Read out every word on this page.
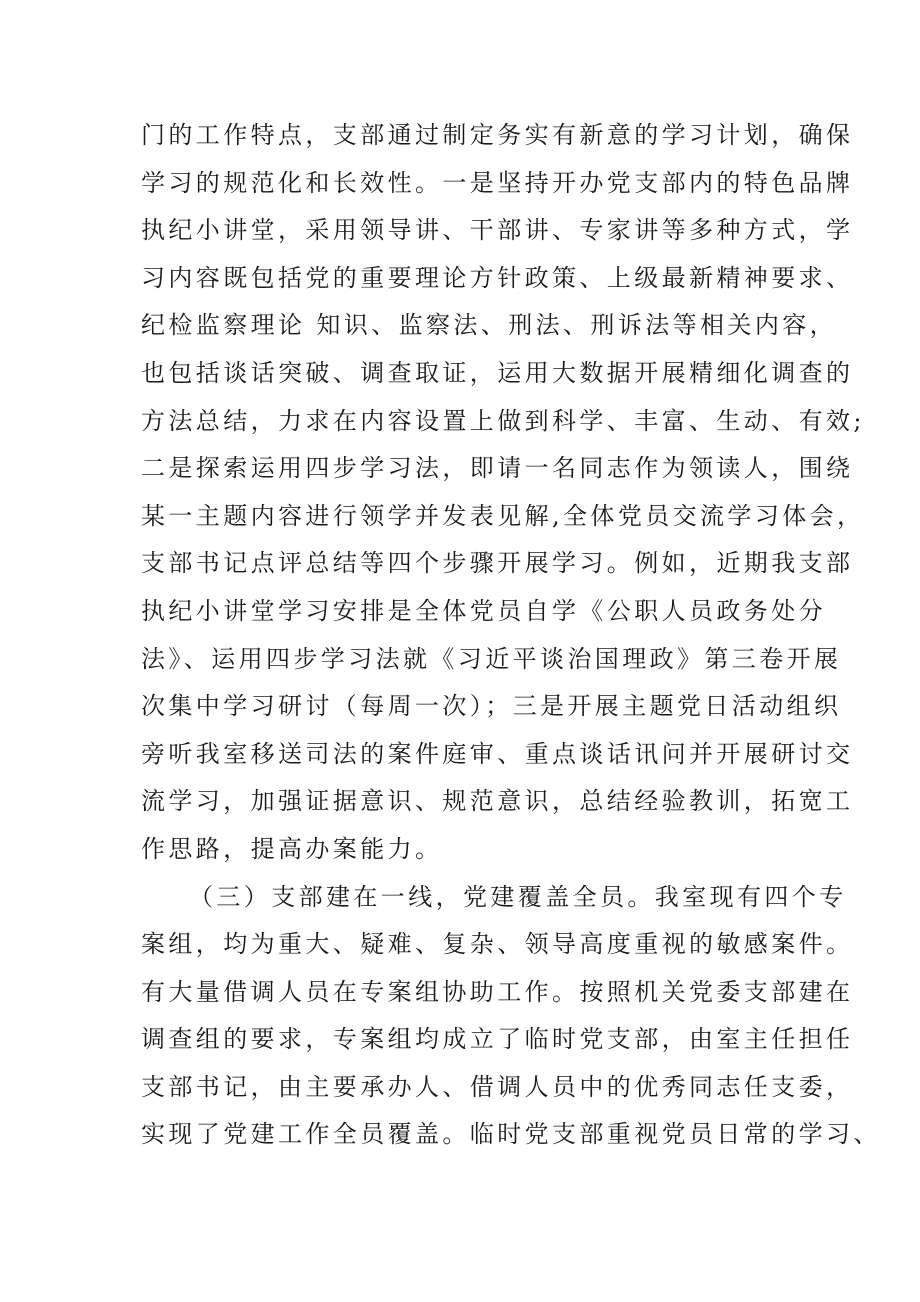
门的工作特点，支部通过制定务实有新意的学习计划，确保
学习的规范化和长效性。一是坚持开办党支部内的特色品牌
执纪小讲堂，采用领导讲、干部讲、专家讲等多种方式，学
习内容既包括党的重要理论方针政策、上级最新精神要求、
纪检监察理论 知识、监察法、刑法、刑诉法等相关内容，
也包括谈话突破、调查取证，运用大数据开展精细化调查的
方法总结，力求在内容设置上做到科学、丰富、生动、有效;
二是探索运用四步学习法，即请一名同志作为领读人，围绕
某一主题内容进行领学并发表见解,全体党员交流学习体会，
支部书记点评总结等四个步骤开展学习。例如，近期我支部
执纪小讲堂学习安排是全体党员自学《公职人员政务处分
法》、运用四步学习法就《习近平谈治国理政》第三卷开展
次集中学习研讨（每周一次）；三是开展主题党日活动组织
旁听我室移送司法的案件庭审、重点谈话讯问并开展研讨交
流学习，加强证据意识、规范意识，总结经验教训，拓宽工
作思路，提高办案能力。
（三）支部建在一线，党建覆盖全员。我室现有四个专
案组，均为重大、疑难、复杂、领导高度重视的敏感案件。
有大量借调人员在专案组协助工作。按照机关党委支部建在
调查组的要求，专案组均成立了临时党支部，由室主任担任
支部书记，由主要承办人、借调人员中的优秀同志任支委，
实现了党建工作全员覆盖。临时党支部重视党员日常的学习、
